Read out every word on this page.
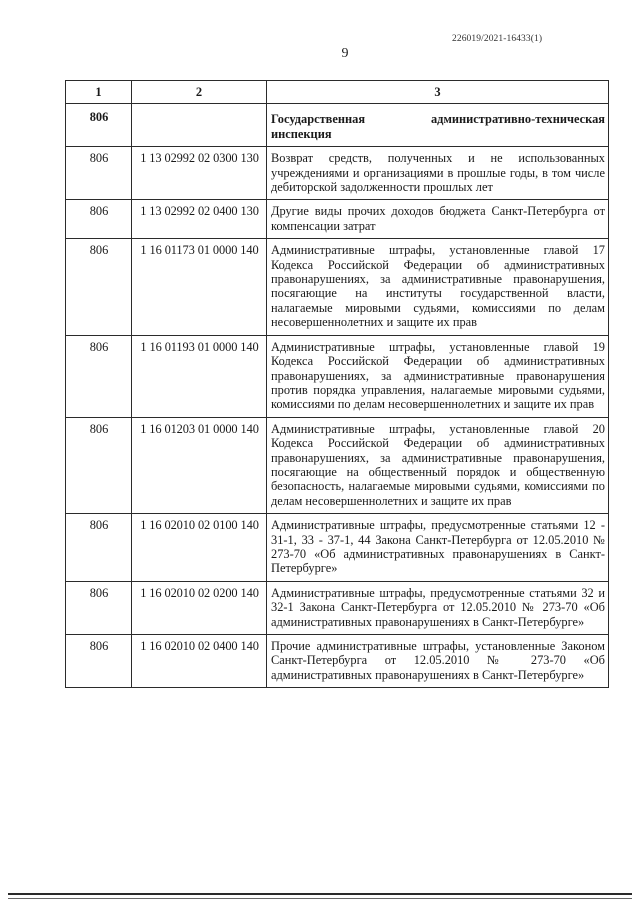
226019/2021-16433(1)
9
1	2	3
806		Государственная административно-техническая инспекция
806	1 13 02992 02 0300 130	Возврат средств, полученных и не использованных учреждениями и организациями в прошлые годы, в том числе дебиторской задолженности прошлых лет
806	1 13 02992 02 0400 130	Другие виды прочих доходов бюджета Санкт-Петербурга от компенсации затрат
806	1 16 01173 01 0000 140	Административные штрафы, установленные главой 17 Кодекса Российской Федерации об административных правонарушениях, за административные правонарушения, посягающие на институты государственной власти, налагаемые мировыми судьями, комиссиями по делам несовершеннолетних и защите их прав
806	1 16 01193 01 0000 140	Административные штрафы, установленные главой 19 Кодекса Российской Федерации об административных правонарушениях, за административные правонарушения против порядка управления, налагаемые мировыми судьями, комиссиями по делам несовершеннолетних и защите их прав
806	1 16 01203 01 0000 140	Административные штрафы, установленные главой 20 Кодекса Российской Федерации об административных правонарушениях, за административные правонарушения, посягающие на общественный порядок и общественную безопасность, налагаемые мировыми судьями, комиссиями по делам несовершеннолетних и защите их прав
806	1 16 02010 02 0100 140	Административные штрафы, предусмотренные статьями 12 - 31-1, 33 - 37-1, 44 Закона Санкт-Петербурга от 12.05.2010 № 273-70 «Об административных правонарушениях в Санкт-Петербурге»
806	1 16 02010 02 0200 140	Административные штрафы, предусмотренные статьями 32 и 32-1 Закона Санкт-Петербурга от 12.05.2010 № 273-70 «Об административных правонарушениях в Санкт-Петербурге»
806	1 16 02010 02 0400 140	Прочие административные штрафы, установленные Законом Санкт-Петербурга от 12.05.2010 № 273-70 «Об административных правонарушениях в Санкт-Петербурге»
